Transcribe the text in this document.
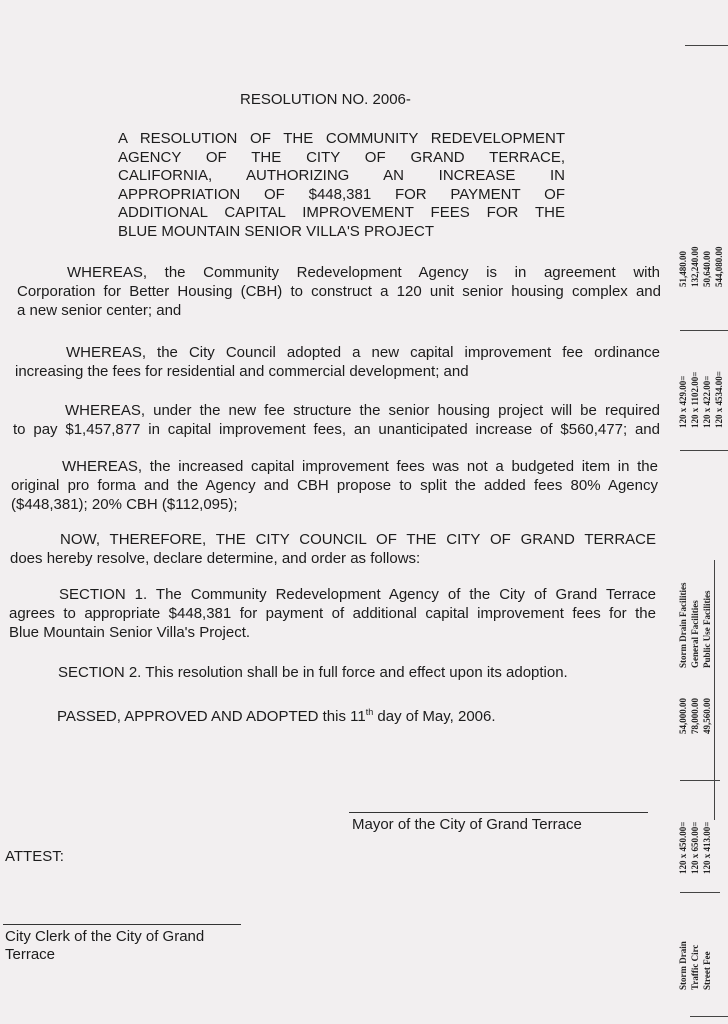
RESOLUTION NO. 2006-
A RESOLUTION OF THE COMMUNITY REDEVELOPMENT
AGENCY OF THE CITY OF GRAND TERRACE,
CALIFORNIA, AUTHORIZING AN INCREASE IN
APPROPRIATION OF $448,381 FOR PAYMENT OF
ADDITIONAL CAPITAL IMPROVEMENT FEES FOR THE
BLUE MOUNTAIN SENIOR VILLA'S PROJECT
WHEREAS, the Community Redevelopment Agency is in agreement with
Corporation for Better Housing (CBH) to construct a 120 unit senior housing complex and
a new senior center; and
WHEREAS, the City Council adopted a new capital improvement fee ordinance
increasing the fees for residential and commercial development; and
WHEREAS, under the new fee structure the senior housing project will be required
to pay $1,457,877 in capital improvement fees, an unanticipated increase of $560,477; and
WHEREAS, the increased capital improvement fees was not a budgeted item in the
original pro forma and the Agency and CBH propose to split the added fees 80% Agency
($448,381); 20% CBH ($112,095);
NOW, THEREFORE, THE CITY COUNCIL OF THE CITY OF GRAND TERRACE
does hereby resolve, declare determine, and order as follows:
SECTION 1. The Community Redevelopment Agency of the City of Grand Terrace
agrees to appropriate $448,381 for payment of additional capital improvement fees for the
Blue Mountain Senior Villa's Project.
SECTION 2. This resolution shall be in full force and effect upon its adoption.
PASSED, APPROVED AND ADOPTED this 11th day of May, 2006.
Mayor of the City of Grand Terrace
ATTEST:
City Clerk of the City of Grand
Terrace
51,480.00 132,240.00 50,640.00 544,080.00
120 x 429.00= 120 x 1102.00= 120 x 422.00= 120 x 4534.00=
Storm Drain Facilities General Facilities Public Use Facilities
54,000.00 78,000.00 49,560.00
120 x 450.00= 120 x 650.00= 120 x 413.00=
Storm Drain Traffic Circ Street Fee
